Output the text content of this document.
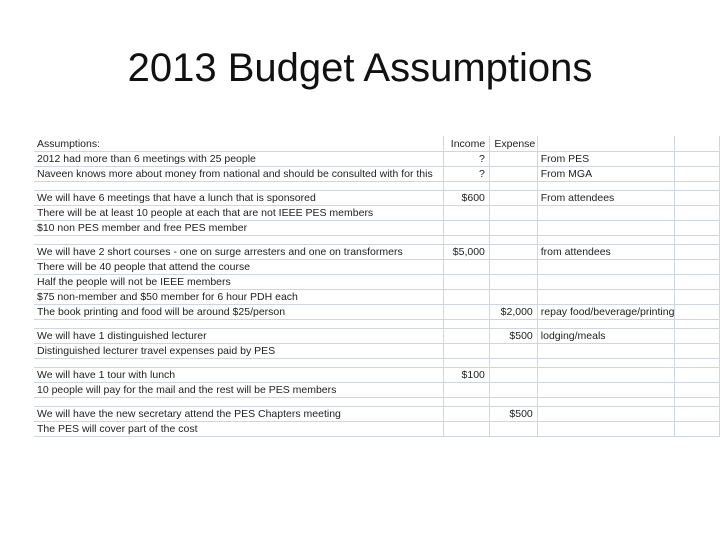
2013 Budget Assumptions
Assumptions:	Income	Expense		
2012 had more than 6 meetings with 25 people	?		From PES	
Naveen knows more about money from national and should be consulted with for this	?		From MGA	

We will have 6 meetings that have a lunch that is sponsored	$600		From attendees	
There will be at least 10 people at each that are not IEEE PES members				
$10 non PES member and free PES member				

We will have 2 short courses - one on surge arresters and one on transformers	$5,000		from attendees	
There will be 40 people that attend the course				
Half the people will not be IEEE members				
$75 non-member and $50 member for 6 hour PDH each				
The book printing and food will be around $25/person		$2,000	repay food/beverage/printing	

We will have 1 distinguished lecturer		$500	lodging/meals	
Distinguished lecturer travel expenses paid by PES				

We will have 1 tour with lunch	$100			
10 people will pay for the mail and the rest will be PES members				

We will have the new secretary attend the PES Chapters meeting		$500		
The PES will cover part of the cost				
